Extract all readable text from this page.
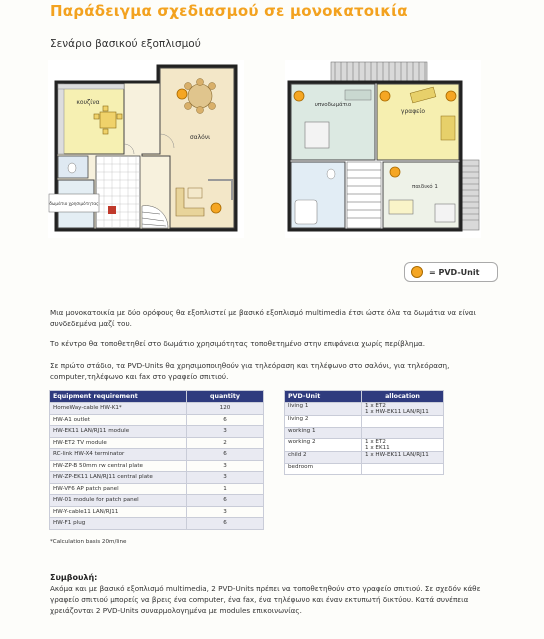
Παράδειγμα σχεδιασμού σε μονοκατοικία
Σενάριο βασικού εξοπλισμού
κουζίνα
σαλόνι
δωμάτιο χρησιμότητας
υπνοδωμάτιο
γραφείο
παιδικό 1
= PVD-Unit
Μια μονοκατοικία με δύο ορόφους θα εξοπλιστεί με βασικό εξοπλισμό multimedia έτσι ώστε όλα τα δωμάτια να είναι συνδεδεμένα μαζί του.
Το κέντρο θα τοποθετηθεί στο δωμάτιο χρησιμότητας τοποθετημένο στην επιφάνεια χωρίς περίβλημα.
Σε πρώτο στάδιο, τα PVD-Units θα χρησιμοποιηθούν για τηλεόραση και τηλέφωνο στο σαλόνι, για τηλεόραση, computer,τηλέφωνο και fax στο γραφείο σπιτιού.
Equipment requirement	quantity
HomeWay-cable HW-K1*	120
HW-A1 outlet	6
HW-EK11 LAN/RJ11 module	3
HW-ET2 TV module	2
RC-link HW-X4 terminator	6
HW-ZP-B 50mm rw central plate	3
HW-ZP-EK11 LAN/RJ11 central plate	3
HW-VF6 AP patch panel	1
HW-01 module for patch panel	6
HW-Y-cable11 LAN/RJ11	3
HW-F1 plug	6
PVD-Unit	allocation
living 1	1 x ET2
1 x HW-EK11 LAN/RJ11

living 2	
working 1	
working 2	1 x ET2
1 x EK11

child 2	1 x HW-EK11 LAN/RJ11
bedroom	
*Calculation basis 20m/line
Συμβουλή:
Ακόμα και με βασικό εξοπλισμό multimedia, 2 PVD-Units πρέπει να τοποθετηθούν στο γραφείο σπιτιού. Σε σχεδόν κάθε γραφείο σπιτιού μπορείς να βρεις ένα computer, ένα fax, ένα τηλέφωνο και έναν εκτυπωτή δικτύου. Κατά συνέπεια χρειάζονται 2 PVD-Units συναρμολογημένα με modules επικοινωνίας.
